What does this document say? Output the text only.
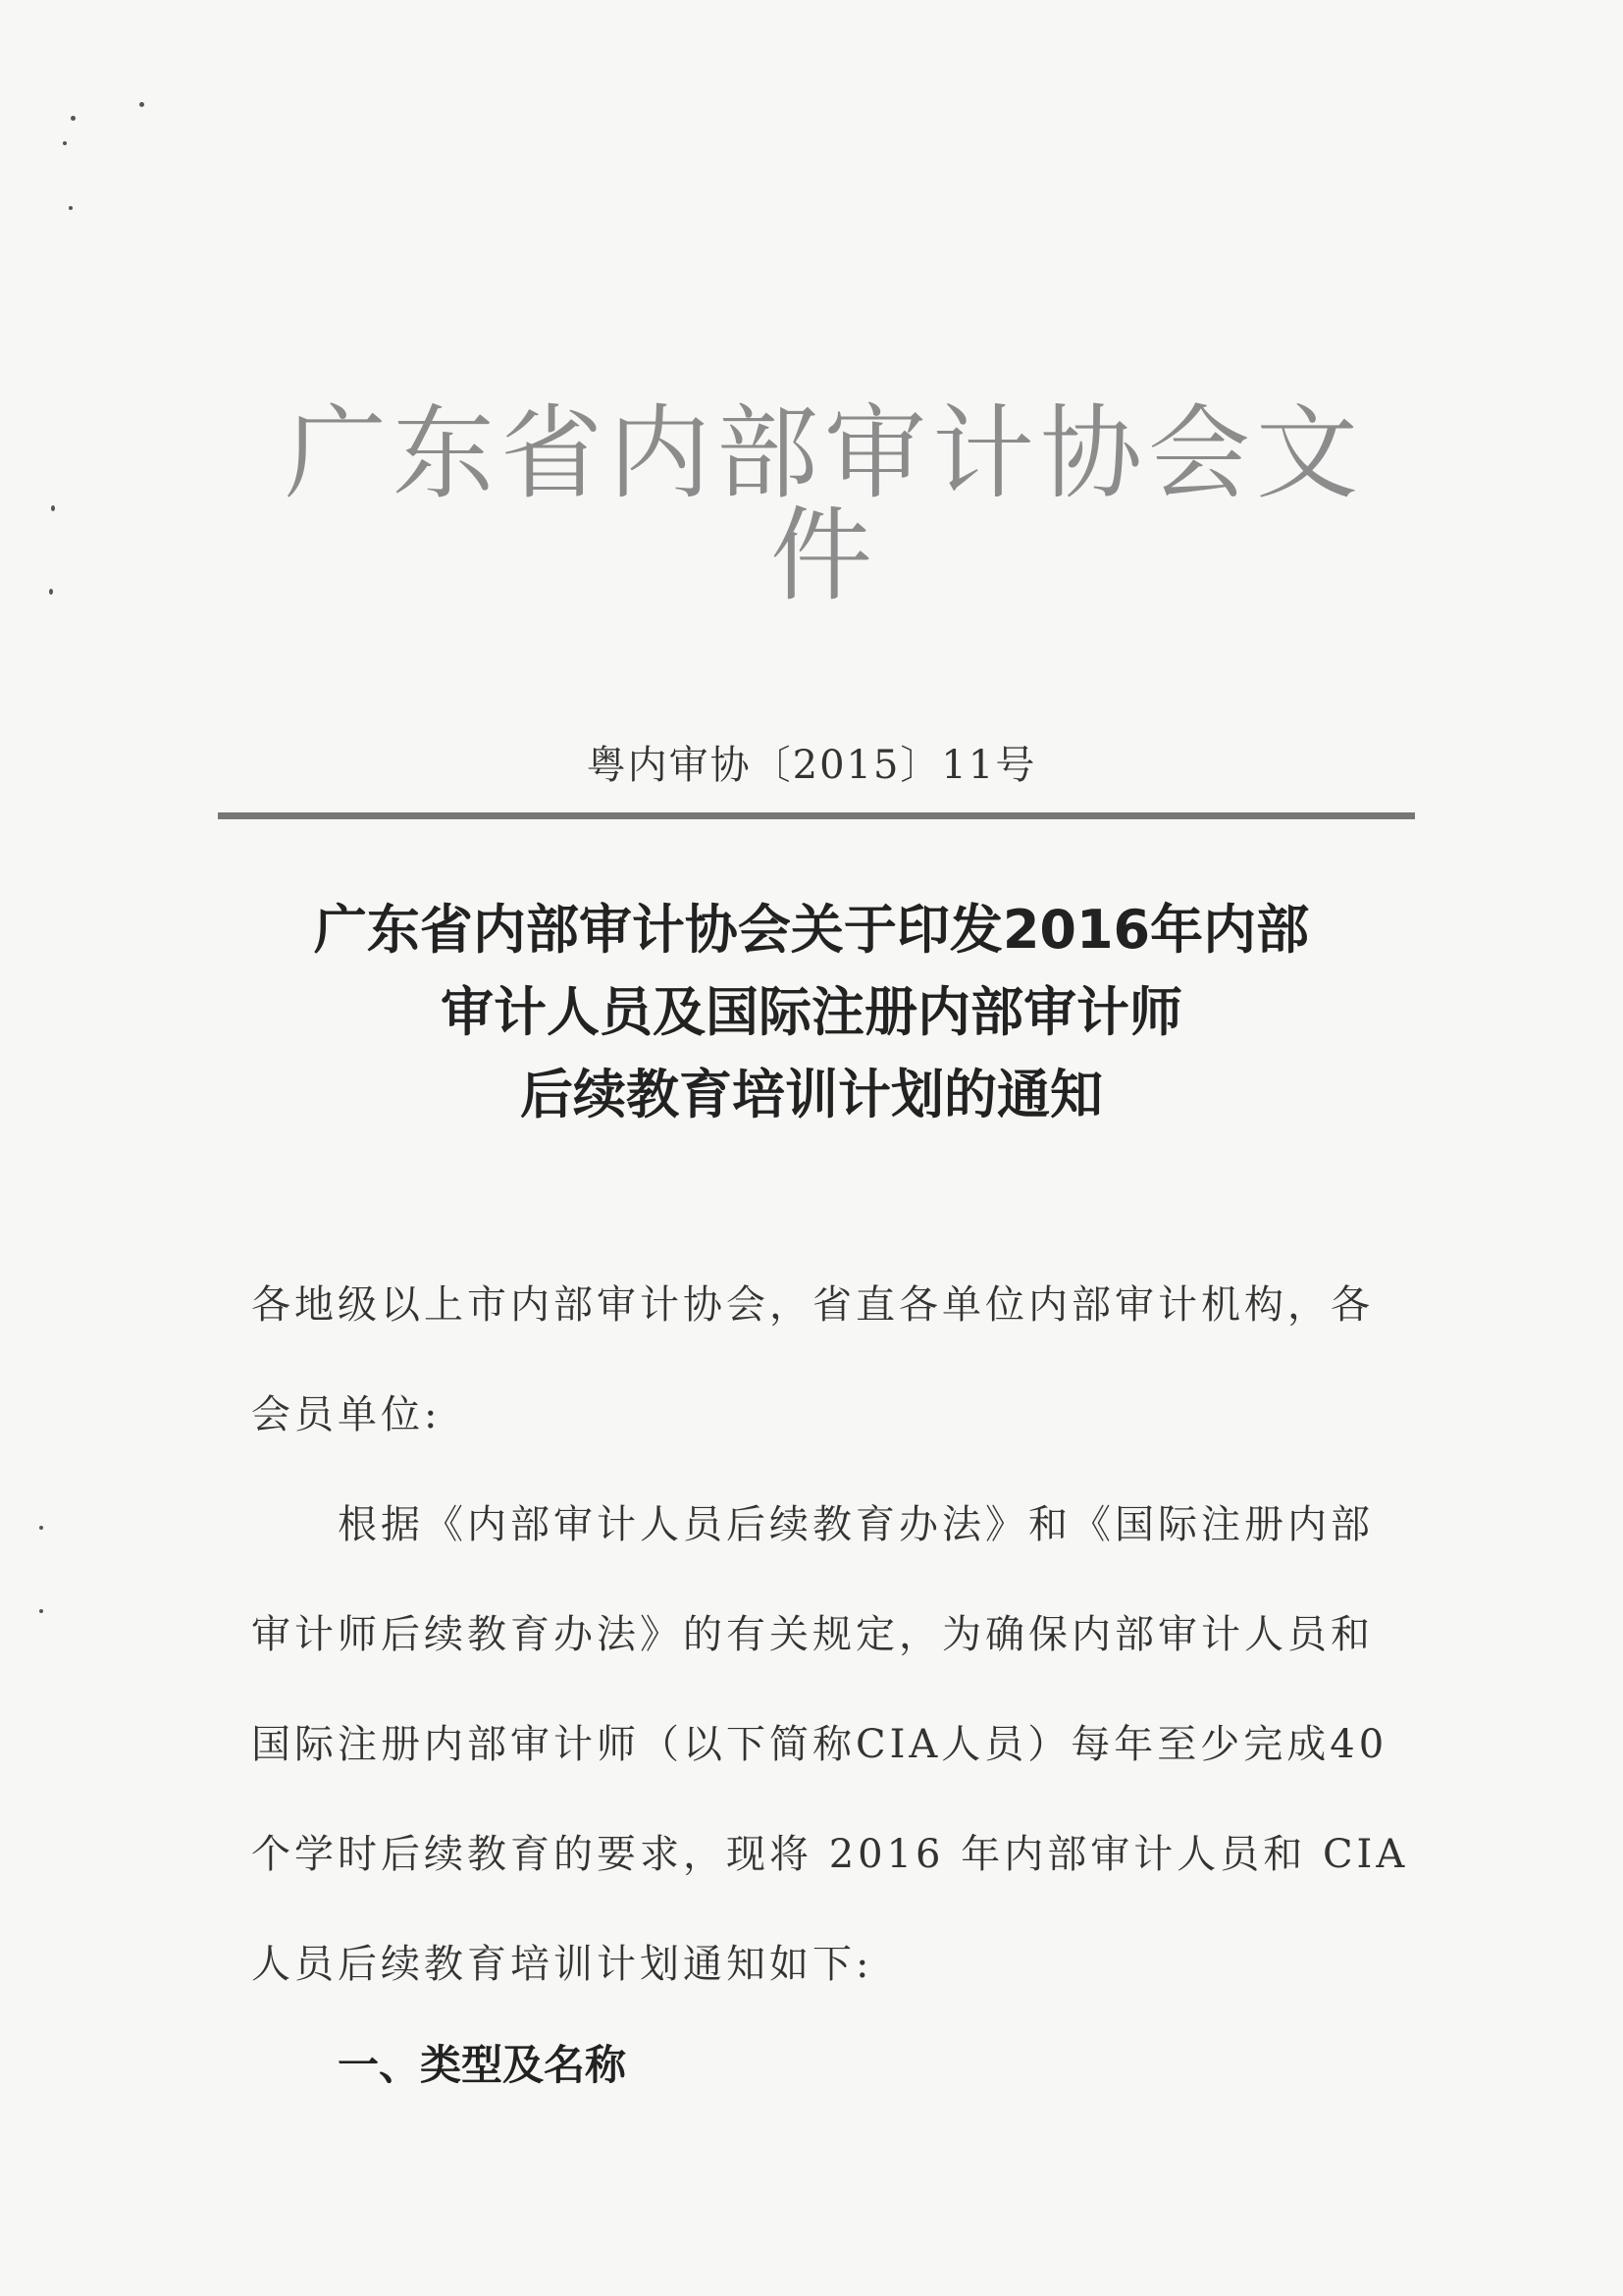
广东省内部审计协会文件
粤内审协〔2015〕11号
广东省内部审计协会关于印发2016年内部
审计人员及国际注册内部审计师
后续教育培训计划的通知
各地级以上市内部审计协会，省直各单位内部审计机构，各
会员单位:
根据《内部审计人员后续教育办法》和《国际注册内部
审计师后续教育办法》的有关规定，为确保内部审计人员和
国际注册内部审计师（以下简称CIA人员）每年至少完成40
个学时后续教育的要求，现将 2016 年内部审计人员和 CIA
人员后续教育培训计划通知如下:
一、类型及名称
